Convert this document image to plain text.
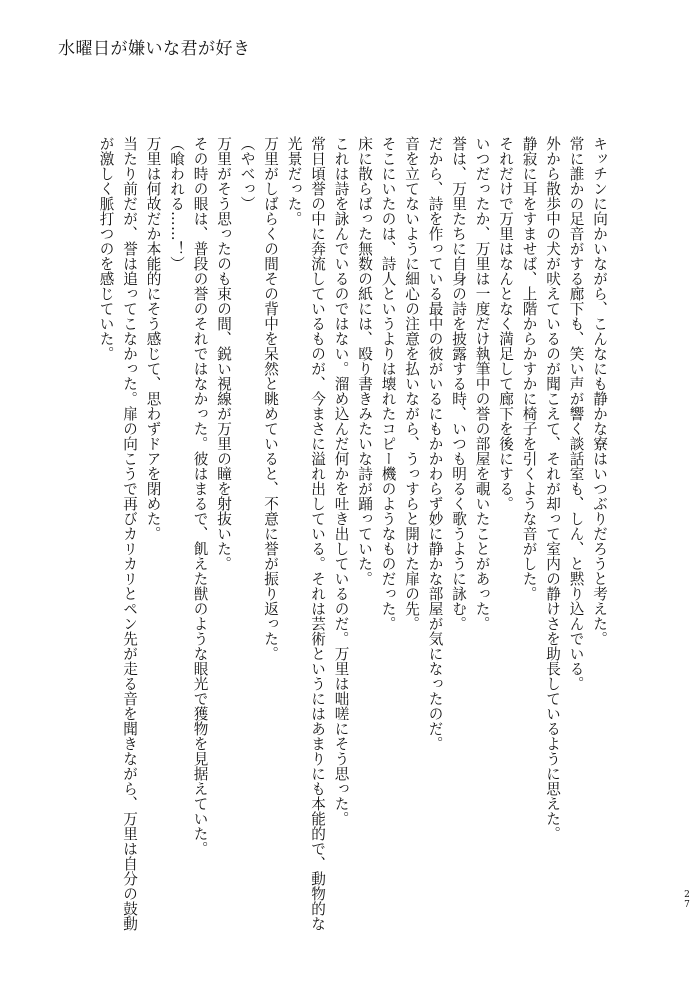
水曜日が嫌いな君が好き
キッチンに向かいながら、こんなにも静かな寮はいつぶりだろうと考えた。
常に誰かの足音がする廊下も、笑い声が響く談話室も、しん、と黙り込んでいる。
外から散歩中の犬が吠えているのが聞こえて、それが却って室内の静けさを助長しているように思えた。
静寂に耳をすませば、上階からかすかに椅子を引くような音がした。
それだけで万里はなんとなく満足して廊下を後にする。
いつだったか、万里は一度だけ執筆中の誉の部屋を覗いたことがあった。
誉は、万里たちに自身の詩を披露する時、いつも明るく歌うように詠む。
だから、詩を作っている最中の彼がいるにもかかわらず妙に静かな部屋が気になったのだ。
音を立てないように細心の注意を払いながら、うっすらと開けた扉の先。
そこにいたのは、詩人というよりは壊れたコピー機のようなものだった。
床に散らばった無数の紙には、殴り書きみたいな詩が踊っていた。
これは詩を詠んでいるのではない。溜め込んだ何かを吐き出しているのだ。万里は咄嗟にそう思った。
常日頃誉の中に奔流しているものが、今まさに溢れ出している。それは芸術というにはあまりにも本能的で、動物的な
光景だった。
万里がしばらくの間その背中を呆然と眺めていると、不意に誉が振り返った。
（やべっ）
万里がそう思ったのも束の間、鋭い視線が万里の瞳を射抜いた。
その時の眼は、普段の誉のそれではなかった。彼はまるで、飢えた獣のような眼光で獲物を見据えていた。
（喰われる……！）
万里は何故だか本能的にそう感じて、思わずドアを閉めた。
当たり前だが、誉は追ってこなかった。扉の向こうで再びカリカリとペン先が走る音を聞きながら、万里は自分の鼓動
が激しく脈打つのを感じていた。
2
7
